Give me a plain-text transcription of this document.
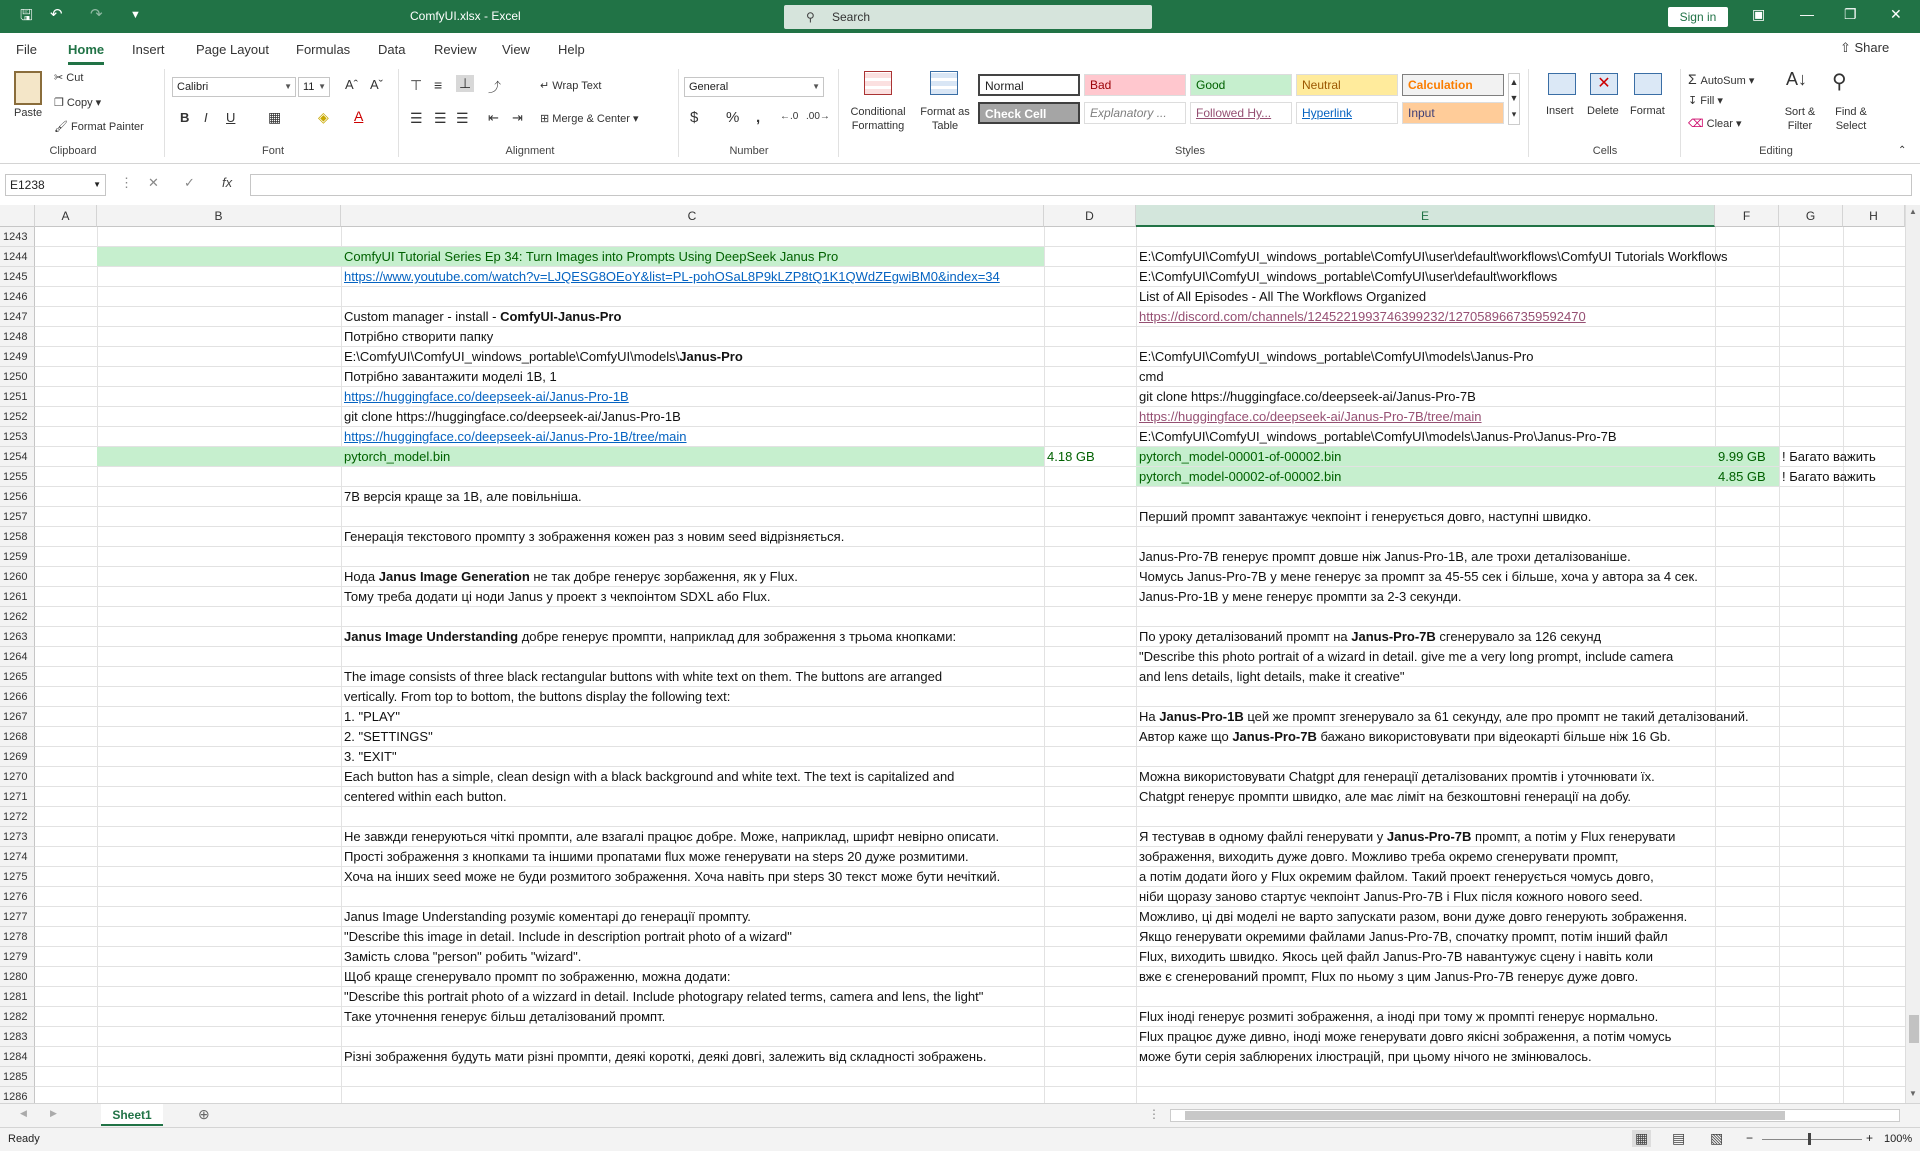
🖫 ↶ ↷ ▼	ComfyUI.xlsx - Excel	⚲ Search	Sign in	▣ — ❐ ✕
File Home Insert Page Layout Formulas Data Review View Help	⇧ Share
Paste
✂ Cut
❐ Copy ▾
🖌 Format Painter
Clipboard
Calibri	▼	11 ▼ Aˆ Aˇ
B I U ▦	◈ A
Font
⊤ ≡ ⊥ ⤴	↵ Wrap Text
☰ ☰ ☰ ⇤ ⇥ ⊞ Merge & Center ▾
Alignment
General	▼
$ % , ←.0 .00→
Number
Conditional Formatting
Format as Table
Normal	Bad	Good	Neutral	Calculation
Check Cell	Explanatory ...	Followed Hy...	Hyperlink	Input
▲
▼
▾
Styles
Insert
✕
Delete Format
Cells
Σ AutoSum ▾
↧ Fill ▾
⌫ Clear ▾
A↓
Sort & Filter
⚲
Find & Select
Editing	⌃
E1238	▼ ⋮ ✕ ✓ fx
A	B	C	D	E	F	G	H
1243
1244	ComfyUI Tutorial Series Ep 34: Turn Images into Prompts Using DeepSeek Janus Pro	E:\ComfyUI\ComfyUI_windows_portable\ComfyUI\user\default\workflows\ComfyUI Tutorials Workflows
1245	https://www.youtube.com/watch?v=LJQESG8OEoY&list=PL-pohOSaL8P9kLZP8tQ1K1QWdZEgwiBM0&index=34	E:\ComfyUI\ComfyUI_windows_portable\ComfyUI\user\default\workflows
1246	List of All Episodes - All The Workflows Organized
1247	Custom manager - install - ComfyUI-Janus-Pro	https://discord.com/channels/1245221993746399232/1270589667359592470
1248	Потрібно створити папку
1249	E:\ComfyUI\ComfyUI_windows_portable\ComfyUI\models\Janus-Pro	E:\ComfyUI\ComfyUI_windows_portable\ComfyUI\models\Janus-Pro
1250	Потрібно завантажити моделі 1B, 1	cmd
1251	https://huggingface.co/deepseek-ai/Janus-Pro-1B	git clone https://huggingface.co/deepseek-ai/Janus-Pro-7B
1252	git clone https://huggingface.co/deepseek-ai/Janus-Pro-1B	https://huggingface.co/deepseek-ai/Janus-Pro-7B/tree/main
1253	https://huggingface.co/deepseek-ai/Janus-Pro-1B/tree/main	E:\ComfyUI\ComfyUI_windows_portable\ComfyUI\models\Janus-Pro\Janus-Pro-7B
1254	pytorch_model.bin	4.18 GB	pytorch_model-00001-of-00002.bin	9.99 GB ! Багато важить
1255	pytorch_model-00002-of-00002.bin	4.85 GB ! Багато важить
1256	7B версія краще за 1B, але повільніша.
1257	Перший промпт завантажує чекпоінт і генерується довго, наступні швидко.
1258	Генерація текстового промпту з зображення кожен раз з новим seed відрізняється.
1259	Janus-Pro-7B генерує промпт довше ніж Janus-Pro-1B, але трохи деталізованіше.
1260	Нода Janus Image Generation не так добре генерує зорбаження, як у Flux.	Чомусь Janus-Pro-7B у мене генерує за промпт за 45-55 сек і більше, хоча у автора за 4 сек.
1261	Тому треба додати ці ноди Janus у проект з чекпоінтом SDXL або Flux.	Janus-Pro-1B у мене генерує промпти за 2-3 секунди.
1262
1263	Janus Image Understanding добре генерує промпти, наприклад для зображення з трьома кнопками:	По уроку деталізований промпт на Janus-Pro-7B сгенерувало за 126 секунд
1264	"Describe this photo portrait of a wizard in detail. give me a very long prompt, include camera
1265	The image consists of three black rectangular buttons with white text on them. The buttons are arranged	and lens details, light details, make it creative"
1266	vertically. From top to bottom, the buttons display the following text:
1267	1. "PLAY"	На Janus-Pro-1B цей же промпт згенерувало за 61 секунду, але про промпт не такий деталізований.
1268	2. "SETTINGS"	Автор каже що Janus-Pro-7B бажано використовувати при відеокарті більше ніж 16 Gb.
1269	3. "EXIT"
1270	Each button has a simple, clean design with a black background and white text. The text is capitalized and	Можна використовувати Chatgpt для генерації деталізованих промтів і уточнювати їх.
1271	centered within each button.	Chatgpt генерує промпти швидко, але має ліміт на безкоштовні генерації на добу.
1272
1273	Не завжди генеруються чіткі промпти, але взагалі працює добре. Може, наприклад, шрифт невірно описати.	Я тестував в одному файлі генерувати у Janus-Pro-7B промпт, а потім у Flux генерувати
1274	Прості зображення з кнопками та іншими пропатами flux може генерувати на steps 20 дуже розмитими.	зображення, виходить дуже довго. Можливо треба окремо сгенерувати промпт,
1275	Хоча на інших seed може не буди розмитого зображення. Хоча навіть при steps 30 текст може бути нечіткий.	а потім додати його у Flux окремим файлом. Такий проект генерується чомусь довго,
1276	ніби щоразу заново стартує чекпоінт Janus-Pro-7B і Flux після кожного нового seed.
1277	Janus Image Understanding розуміє коментарі до генерації промпту.	Можливо, ці дві моделі не варто запускати разом, вони дуже довго генерують зображення.
1278	"Describe this image in detail. Include in description portrait photo of a wizard"	Якщо генерувати окремими файлами Janus-Pro-7B, спочатку промпт, потім інший файл
1279	Замість слова "person" робить "wizard".	Flux, виходить швидко. Якось цей файл Janus-Pro-7B навантужує сцену і навіть коли
1280	Щоб краще сгенерувало промпт по зображенню, можна додати:	вже є сгенерований промпт, Flux по ньому з цим Janus-Pro-7B генерує дуже довго.
1281	"Describe this portrait photo of a wizzard in detail. Include photograpy related terms, camera and lens, the light"
1282	Таке уточнення генерує більш деталізований промпт.	Flux іноді генерує розмиті зображення, а іноді при тому ж промпті генерує нормально.
1283	Flux працює дуже дивно, іноді може генерувати довго якісні зображення, а потім чомусь
1284	Різні зображення будуть мати різні промпти, деякі короткі, деякі довгі, залежить від складності зображень.	може бути серія заблюрених ілюстрацій, при цьому нічого не змінювалось.
1285
1286
▲
▼
◀	▶	Sheet1	⊕	⋮
Ready	▦ ▤ ▧ −	+ 100%
